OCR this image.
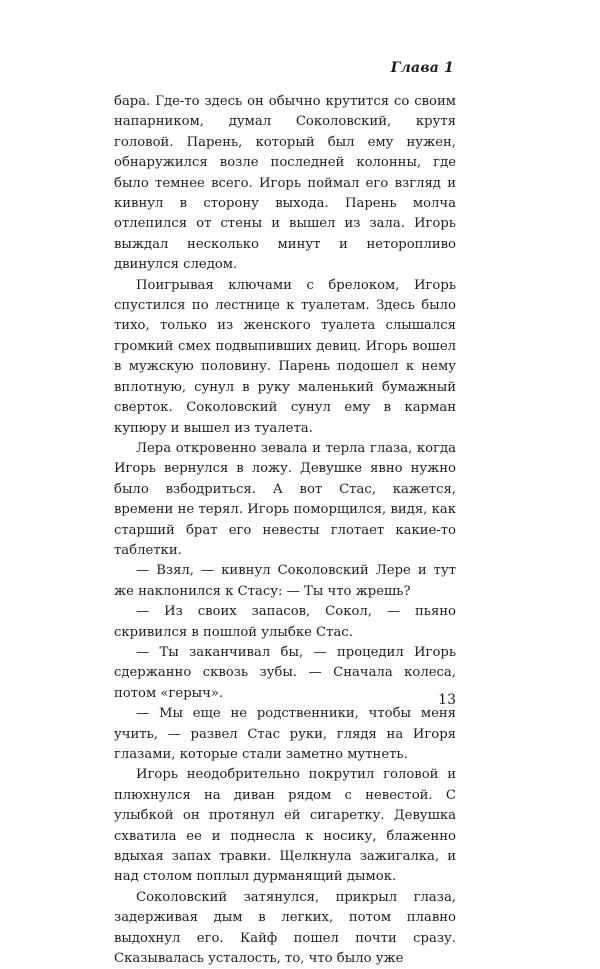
Глава 1

бара. Где-то здесь он обычно крутится со своим напарником, думал Соколовский, крутя головой. Парень, который был ему нужен, обнаружился возле последней колонны, где было темнее всего. Игорь поймал его взгляд и кивнул в сторону выхода. Парень молча отлепился от стены и вышел из зала. Игорь выждал несколько минут и неторопливо двинулся следом.

Поигрывая ключами с брелоком, Игорь спустился по лестнице к туалетам. Здесь было тихо, только из женского туалета слышался громкий смех подвыпивших девиц. Игорь вошел в мужскую половину. Парень подошел к нему вплотную, сунул в руку маленький бумажный сверток. Соколовский сунул ему в карман купюру и вышел из туалета.

Лера откровенно зевала и терла глаза, когда Игорь вернулся в ложу. Девушке явно нужно было взбодриться. А вот Стас, кажется, времени не терял. Игорь поморщился, видя, как старший брат его невесты глотает какие-то таблетки.

— Взял, — кивнул Соколовский Лере и тут же наклонился к Стасу: — Ты что жрешь?

— Из своих запасов, Сокол, — пьяно скривился в пошлой улыбке Стас.

— Ты заканчивал бы, — процедил Игорь сдержанно сквозь зубы. — Сначала колеса, потом «герыч».

— Мы еще не родственники, чтобы меня учить, — развел Стас руки, глядя на Игоря глазами, которые стали заметно мутнеть.

Игорь неодобрительно покрутил головой и плюхнулся на диван рядом с невестой. С улыбкой он протянул ей сигаретку. Девушка схватила ее и поднесла к носику, блаженно вдыхая запах травки. Щелкнула зажигалка, и над столом поплыл дурманящий дымок.

Соколовский затянулся, прикрыл глаза, задерживая дым в легких, потом плавно выдохнул его. Кайф пошел почти сразу. Сказывалась усталость, то, что было уже

13
